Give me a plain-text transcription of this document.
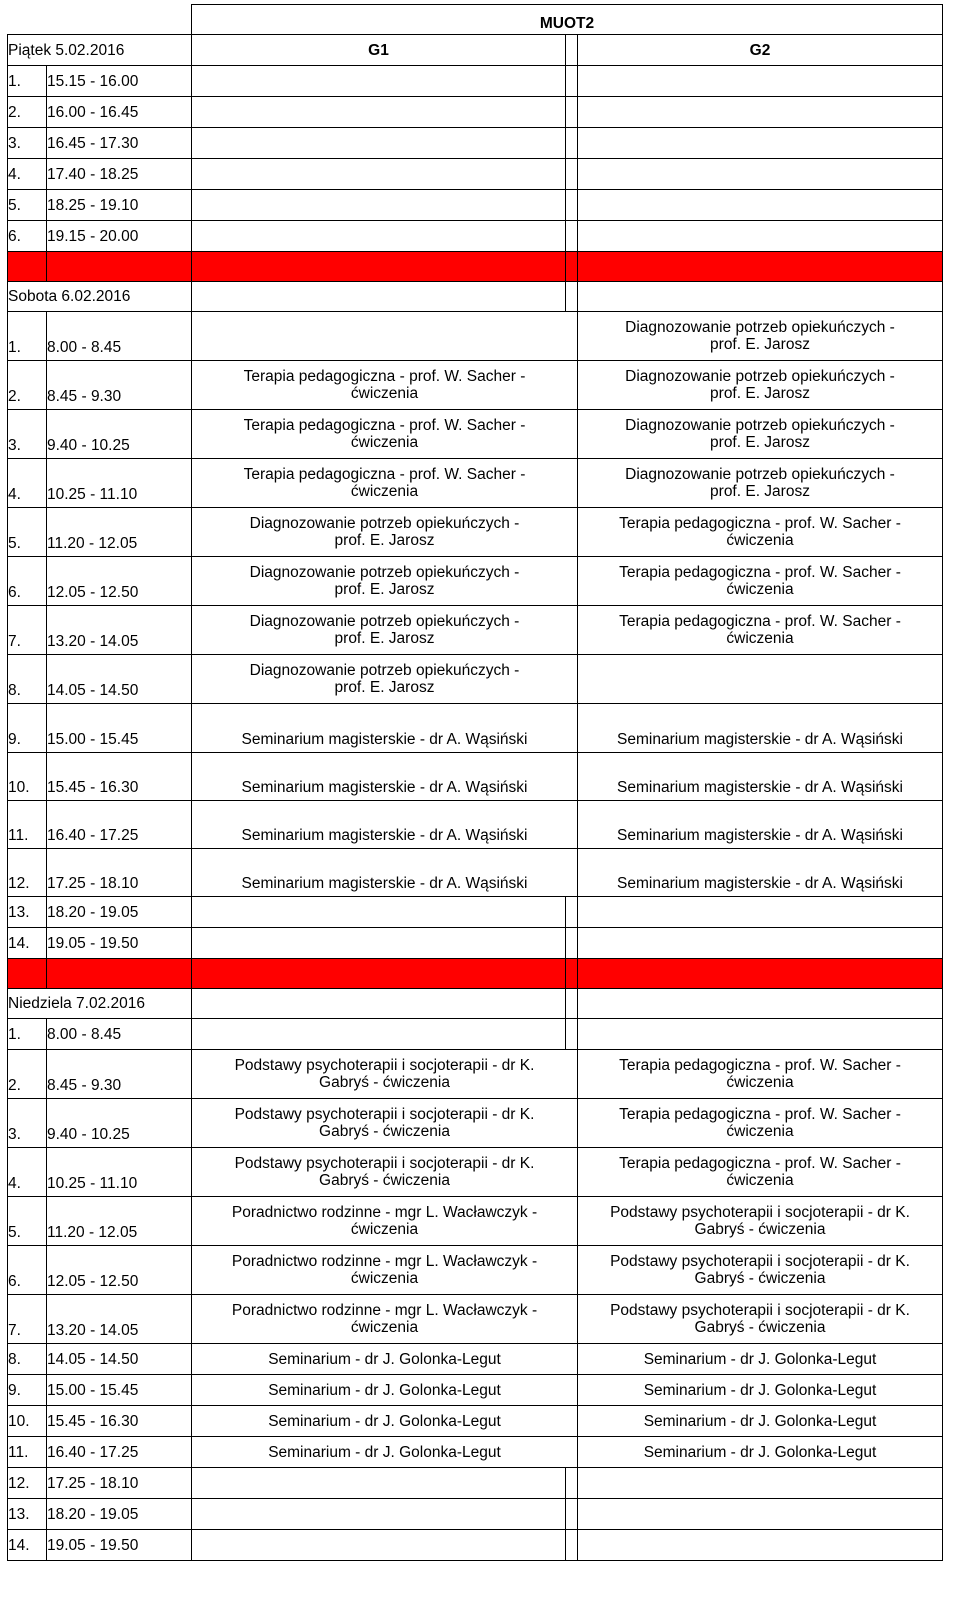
		MUOT2		
Piątek 5.02.2016		G1		G2
1.	15.15 - 16.00			
2.	16.00 - 16.45			
3.	16.45 - 17.30			
4.	17.40 - 18.25			
5.	18.25 - 19.10			
6.	19.15 - 20.00			

Sobota 6.02.2016				
1.	8.00 - 8.45			Diagnozowanie potrzeb opiekuńczych -
prof. E. Jarosz

2.	8.45 - 9.30	Terapia pedagogiczna - prof. W. Sacher -
ćwiczenia		Diagnozowanie potrzeb opiekuńczych -
prof. E. Jarosz

3.	9.40 - 10.25	Terapia pedagogiczna - prof. W. Sacher -
ćwiczenia		Diagnozowanie potrzeb opiekuńczych -
prof. E. Jarosz

4.	10.25 - 11.10	Terapia pedagogiczna - prof. W. Sacher -
ćwiczenia		Diagnozowanie potrzeb opiekuńczych -
prof. E. Jarosz

5.	11.20 - 12.05	Diagnozowanie potrzeb opiekuńczych -
prof. E. Jarosz		Terapia pedagogiczna - prof. W. Sacher -
ćwiczenia

6.	12.05 - 12.50	Diagnozowanie potrzeb opiekuńczych -
prof. E. Jarosz		Terapia pedagogiczna - prof. W. Sacher -
ćwiczenia

7.	13.20 - 14.05	Diagnozowanie potrzeb opiekuńczych -
prof. E. Jarosz		Terapia pedagogiczna - prof. W. Sacher -
ćwiczenia

8.	14.05 - 14.50	Diagnozowanie potrzeb opiekuńczych -
prof. E. Jarosz		

9.	15.00 - 15.45	Seminarium magisterskie - dr A. Wąsiński		Seminarium magisterskie - dr A. Wąsiński
10.	15.45 - 16.30	Seminarium magisterskie - dr A. Wąsiński		Seminarium magisterskie - dr A. Wąsiński
11.	16.40 - 17.25	Seminarium magisterskie - dr A. Wąsiński		Seminarium magisterskie - dr A. Wąsiński
12.	17.25 - 18.10	Seminarium magisterskie - dr A. Wąsiński		Seminarium magisterskie - dr A. Wąsiński
13.	18.20 - 19.05			
14.	19.05 - 19.50			

Niedziela 7.02.2016				
1.	8.00 - 8.45			
2.	8.45 - 9.30	Podstawy psychoterapii i socjoterapii - dr K.
Gabryś - ćwiczenia		Terapia pedagogiczna - prof. W. Sacher -
ćwiczenia

3.	9.40 - 10.25	Podstawy psychoterapii i socjoterapii - dr K.
Gabryś - ćwiczenia		Terapia pedagogiczna - prof. W. Sacher -
ćwiczenia

4.	10.25 - 11.10	Podstawy psychoterapii i socjoterapii - dr K.
Gabryś - ćwiczenia		Terapia pedagogiczna - prof. W. Sacher -
ćwiczenia

5.	11.20 - 12.05	Poradnictwo rodzinne - mgr L. Wacławczyk -
ćwiczenia		Podstawy psychoterapii i socjoterapii - dr K.
Gabryś - ćwiczenia

6.	12.05 - 12.50	Poradnictwo rodzinne - mgr L. Wacławczyk -
ćwiczenia		Podstawy psychoterapii i socjoterapii - dr K.
Gabryś - ćwiczenia

7.	13.20 - 14.05	Poradnictwo rodzinne - mgr L. Wacławczyk -
ćwiczenia		Podstawy psychoterapii i socjoterapii - dr K.
Gabryś - ćwiczenia

8.	14.05 - 14.50	Seminarium - dr J. Golonka-Legut		Seminarium - dr J. Golonka-Legut
9.	15.00 - 15.45	Seminarium - dr J. Golonka-Legut		Seminarium - dr J. Golonka-Legut
10.	15.45 - 16.30	Seminarium - dr J. Golonka-Legut		Seminarium - dr J. Golonka-Legut
11.	16.40 - 17.25	Seminarium - dr J. Golonka-Legut		Seminarium - dr J. Golonka-Legut
12.	17.25 - 18.10			
13.	18.20 - 19.05			
14.	19.05 - 19.50			
